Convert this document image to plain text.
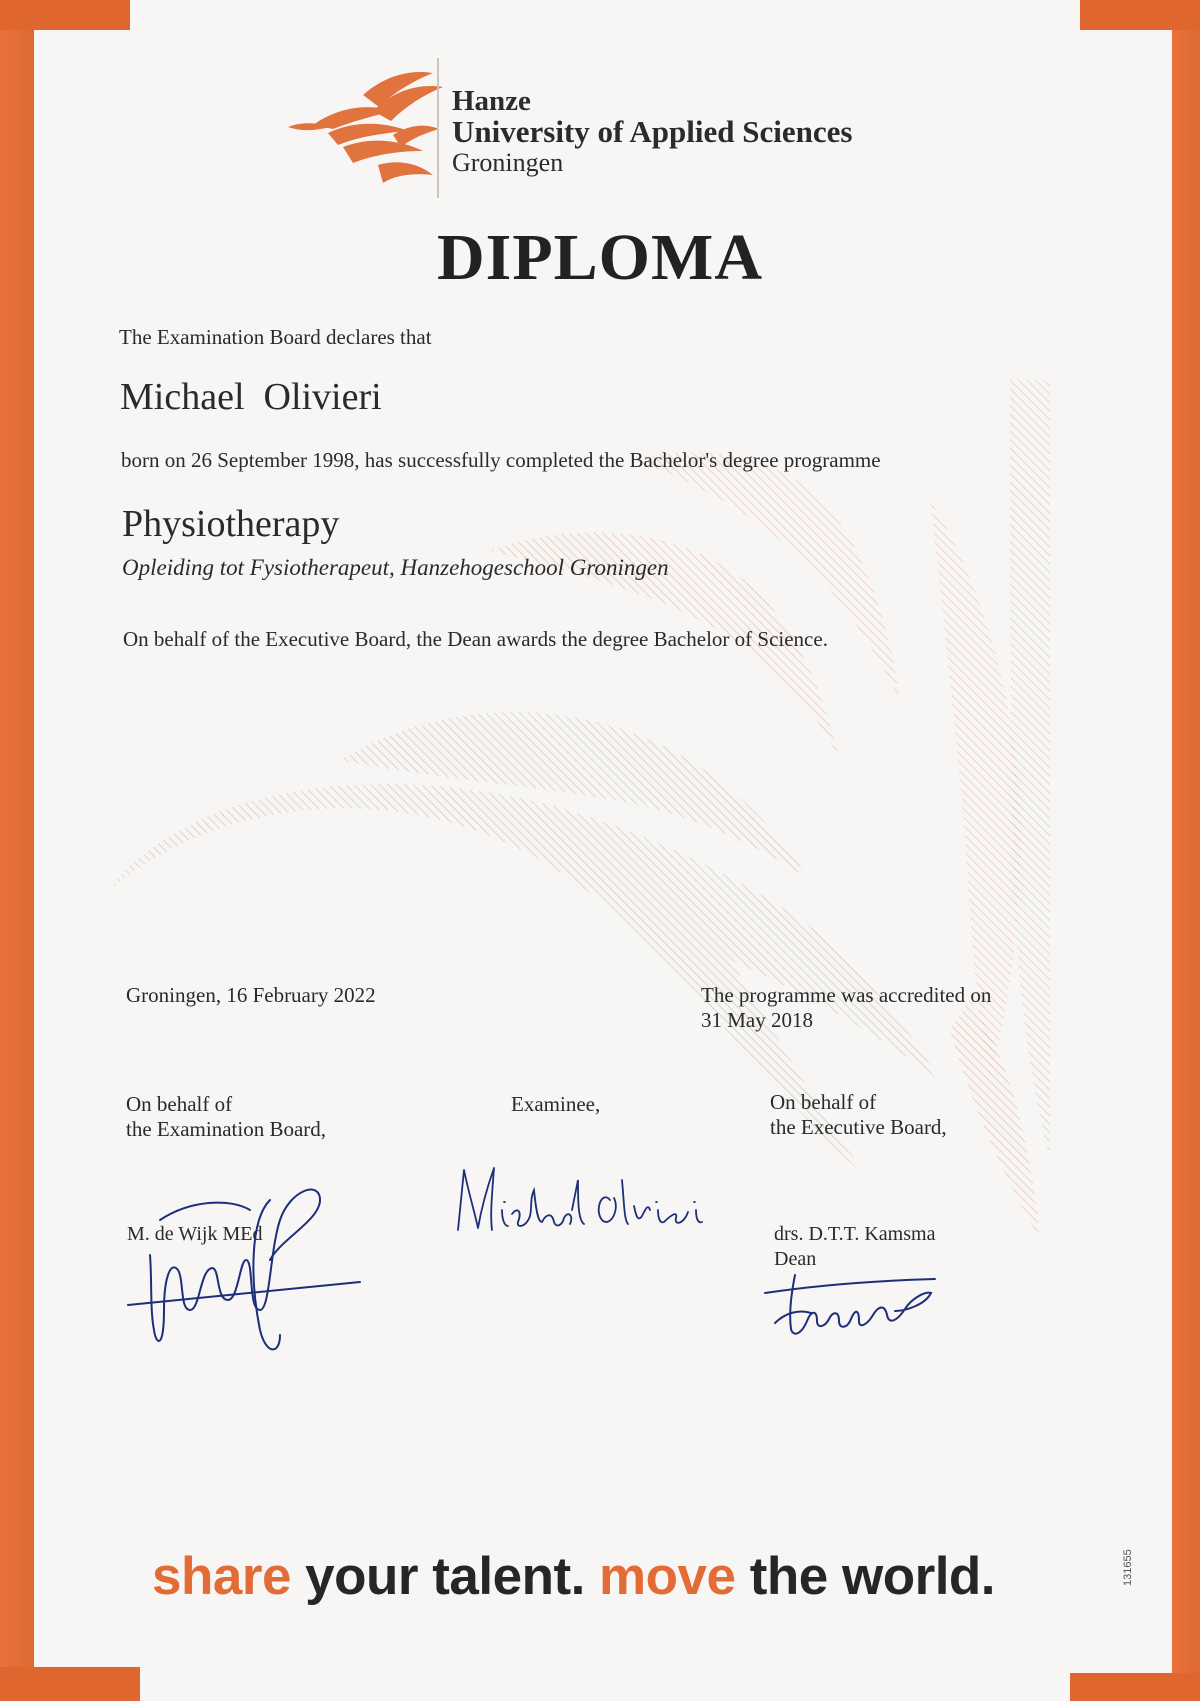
Hanze
University of Applied Sciences
Groningen
DIPLOMA
The Examination Board declares that
Michael  Olivieri
born on 26 September 1998, has successfully completed the Bachelor's degree programme
Physiotherapy
Opleiding tot Fysiotherapeut, Hanzehogeschool Groningen
On behalf of the Executive Board, the Dean awards the degree Bachelor of Science.
Groningen, 16 February 2022	The programme was accredited on
31 May 2018
On behalf of
the Examination Board,
Examinee,	On behalf of
the Executive Board,
M. de Wijk MEd	drs. D.T.T. Kamsma
Dean
share your talent. move the world.	131655
